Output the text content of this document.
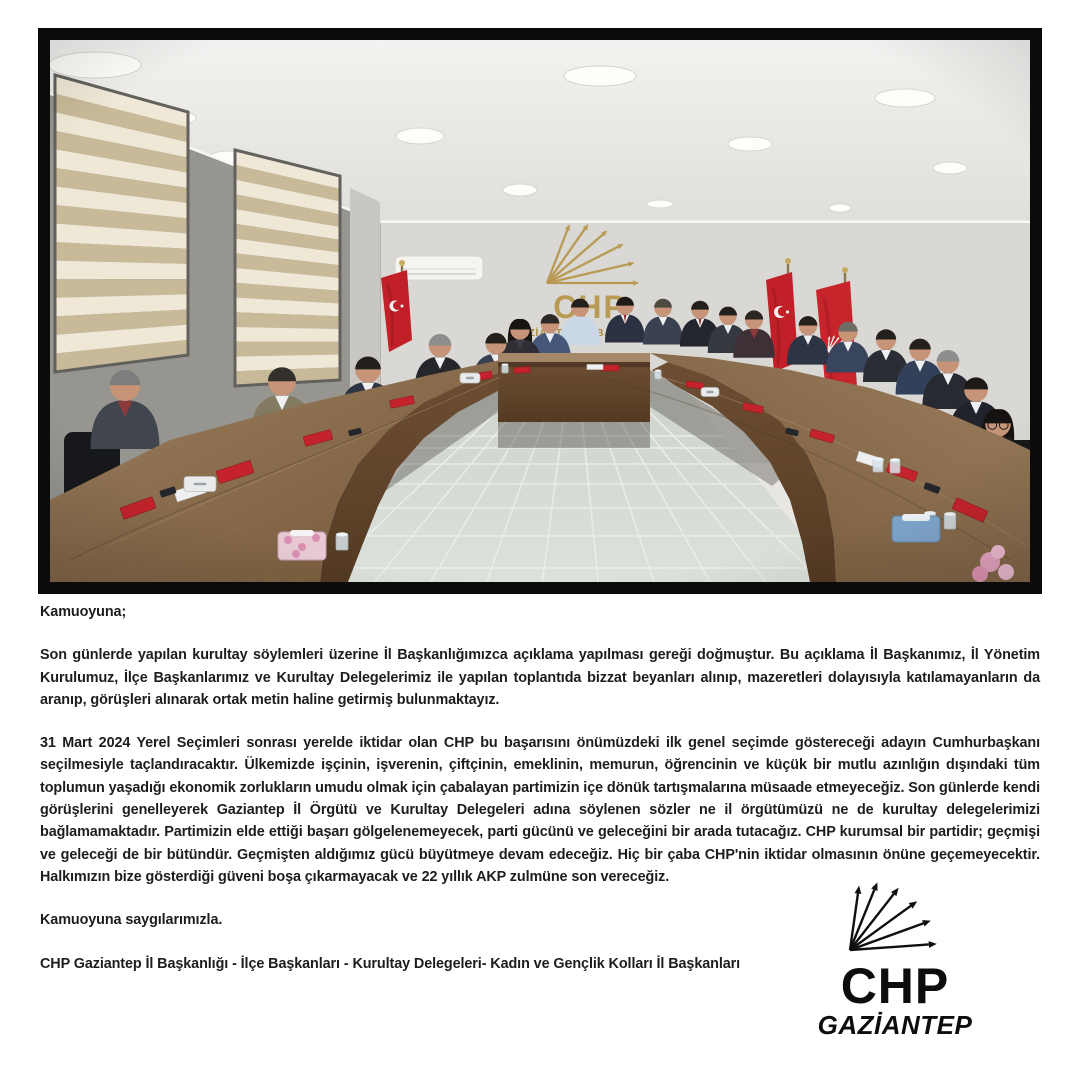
Kamuoyuna;

Son günlerde yapılan kurultay söylemleri üzerine İl Başkanlığımızca açıklama yapılması gereği doğmuştur. Bu açıklama İl Başkanımız, İl Yönetim Kurulumuz, İlçe Başkanlarımız ve Kurultay Delegelerimiz ile yapılan toplantıda bizzat beyanları alınıp, mazeretleri dolayısıyla katılamayanların da aranıp, görüşleri alınarak ortak metin haline getirmiş bulunmaktayız.

31 Mart 2024 Yerel Seçimleri sonrası yerelde iktidar olan CHP bu başarısını önümüzdeki ilk genel seçimde göstereceği adayın Cumhurbaşkanı seçilmesiyle taçlandıracaktır. Ülkemizde işçinin, işverenin, çiftçinin, emeklinin, memurun, öğrencinin ve küçük bir mutlu azınlığın dışındaki tüm toplumun yaşadığı ekonomik zorlukların umudu olmak için çabalayan partimizin içe dönük tartışmalarına müsaade etmeyeceğiz. Son günlerde kendi görüşlerini genelleyerek Gaziantep İl Örgütü ve Kurultay Delegeleri adına söylenen sözler ne il örgütümüzü ne de kurultay delegelerimizi bağlamamaktadır. Partimizin elde ettiği başarı gölgelenemeyecek, parti gücünü ve geleceğini bir arada tutacağız. CHP kurumsal bir partidir; geçmişi ve geleceği de bir bütündür. Geçmişten aldığımız gücü büyütmeye devam edeceğiz. Hiç bir çaba CHP'nin iktidar olmasının önüne geçemeyecektir. Halkımızın bize gösterdiği güveni boşa çıkarmayacak ve 22 yıllık AKP zulmüne son vereceğiz.

Kamuoyuna saygılarımızla.

CHP Gaziantep İl Başkanlığı - İlçe Başkanları - Kurultay Delegeleri- Kadın ve Gençlik Kolları İl Başkanları	CHP
GAZİANTEP
